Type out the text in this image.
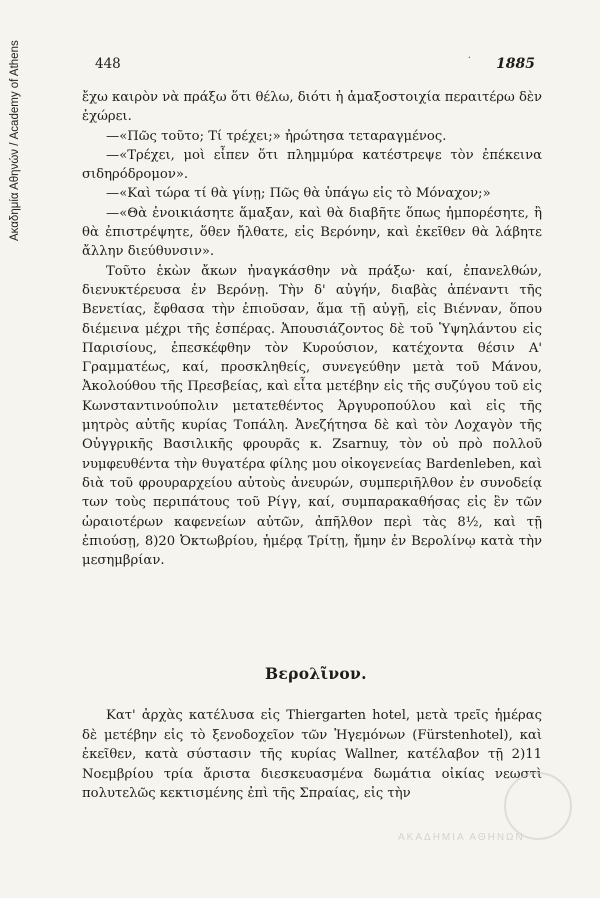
Ακαδημία Αθηνών / Academy of Athens	448	· 1885

ἔχω καιρὸν νὰ πράξω ὅτι θέλω, διότι ἡ ἁμαξοστοιχία περαιτέρω δὲν ἐχώρει.

—«Πῶς τοῦτο; Τί τρέχει;» ἠρώτησα τεταραγμένος.

—«Τρέχει, μοὶ εἶπεν ὅτι πλημμύρα κατέστρεψε τὸν ἐπέκεινα σιδηρόδρομον».

—«Καὶ τώρα τί θὰ γίνῃ; Πῶς θὰ ὑπάγω εἰς τὸ Μόναχον;»

—«Θὰ ἐνοικιάσητε ἅμαξαν, καὶ θὰ διαβῆτε ὅπως ἠμπορέσητε, ἢ θὰ ἐπιστρέψητε, ὅθεν ἤλθατε, εἰς Βερόνην, καὶ ἐκεῖθεν θὰ λάβητε ἄλλην διεύθυνσιν».

Τοῦτο ἑκὼν ἄκων ἠναγκάσθην νὰ πράξω· καί, ἐπανελθών, διενυκτέρευσα ἐν Βερόνῃ. Τὴν δ' αὐγήν, διαβὰς ἀπέναντι τῆς Βενετίας, ἔφθασα τὴν ἐπιοῦσαν, ἅμα τῇ αὐγῇ, εἰς Βιένναν, ὅπου διέμεινα μέχρι τῆς ἑσπέρας. Ἀπουσιάζοντος δὲ τοῦ Ὑψηλάντου εἰς Παρισίους, ἐπεσκέφθην τὸν Κυρούσιον, κατέχοντα θέσιν Α' Γραμματέως, καί, προσκληθείς, συνεγεύθην μετὰ τοῦ Μάνου, Ἀκολούθου τῆς Πρεσβείας, καὶ εἶτα μετέβην εἰς τῆς συζύγου τοῦ εἰς Κωνσταντινούπολιν μετατεθέντος Ἀργυροπούλου καὶ εἰς τῆς μητρὸς αὐτῆς κυρίας Τοπάλη. Ἀνεζήτησα δὲ καὶ τὸν Λοχαγὸν τῆς Οὐγγρικῆς Βασιλικῆς φρουρᾶς κ. Zsarnuy, τὸν οὐ πρὸ πολλοῦ νυμφευθέντα τὴν θυγατέρα φίλης μου οἰκογενείας Bardenleben, καὶ διὰ τοῦ φρουραρχείου αὐτοὺς ἀνευρών, συμπεριῆλθον ἐν συνοδείᾳ των τοὺς περιπάτους τοῦ Ρίγγ, καί, συμπαρακαθήσας εἰς ἓν τῶν ὡραιοτέρων καφενείων αὐτῶν, ἀπῆλθον περὶ τὰς 8½, καὶ τῇ ἐπιούσῃ, 8)20 Ὀκτωβρίου, ἡμέρᾳ Τρίτῃ, ἤμην ἐν Βερολίνῳ κατὰ τὴν μεσημβρίαν.

Βερολῖνον.

Κατ' ἀρχὰς κατέλυσα εἰς Thiergarten hotel, μετὰ τρεῖς ἡμέρας δὲ μετέβην εἰς τὸ ξενοδοχεῖον τῶν Ἡγεμόνων (Fürstenhotel), καὶ ἐκεῖθεν, κατὰ σύστασιν τῆς κυρίας Wallner, κατέλαβον τῇ 2)11 Νοεμβρίου τρία ἄριστα διεσκευασμένα δωμάτια οἰκίας νεωστὶ πολυτελῶς κεκτισμένης ἐπὶ τῆς Σπραίας, εἰς τὴν

ΑΚΑΔΗΜΙΑ ΑΘΗΝΩΝ
